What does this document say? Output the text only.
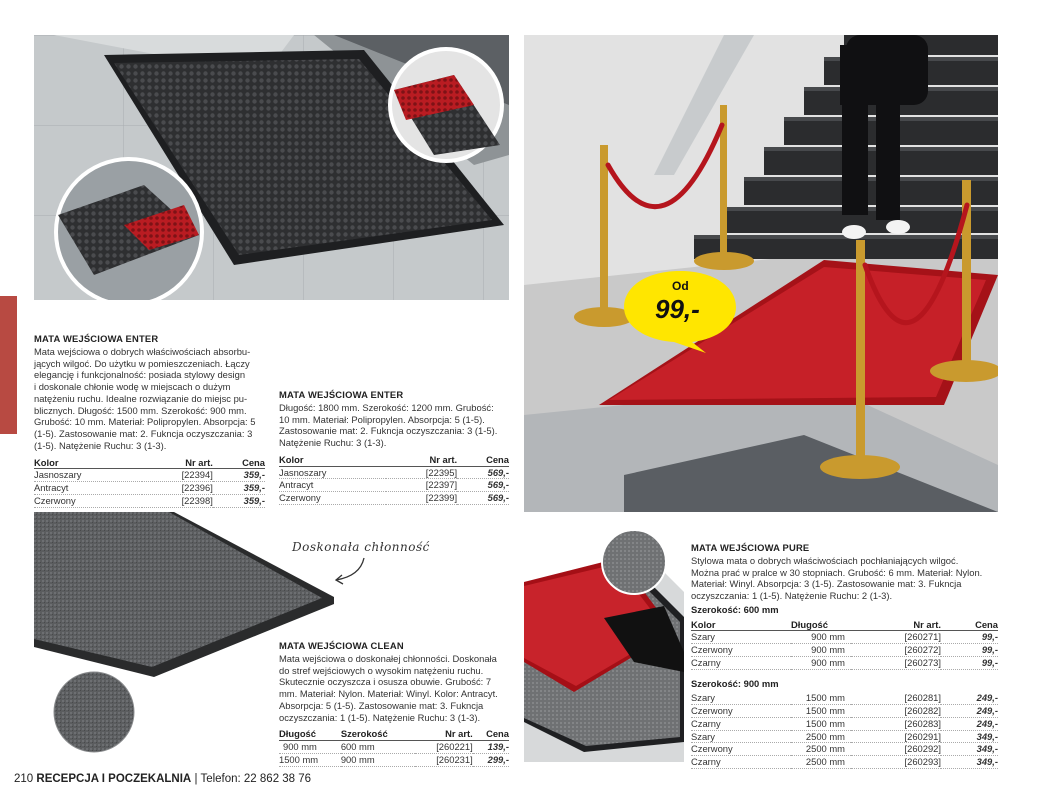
Od
99,-
MATA WEJŚCIOWA ENTER
Mata wejściowa o dobrych właściwościach absorbu-
jących wilgoć. Do użytku w pomieszczeniach. Łączy
elegancję i funkcjonalność: posiada stylowy design
i doskonale chłonie wodę w miejscach o dużym
natężeniu ruchu. Idealne rozwiązanie do miejsc pu-
blicznych. Długość: 1500 mm. Szerokość: 900 mm.
Grubość: 10 mm. Materiał: Polipropylen. Absorpcja: 5
(1-5). Zastosowanie mat: 2. Fukncja oczyszczania: 3
(1-5). Natężenie Ruchu: 3 (1-3).
Kolor	Nr art.	Cena
Jasnoszary	[22394]	359,-
Antracyt	[22396]	359,-
Czerwony	[22398]	359,-
MATA WEJŚCIOWA ENTER
Długość: 1800 mm. Szerokość: 1200 mm. Grubość:
10 mm. Materiał: Polipropylen. Absorpcja: 5 (1-5).
Zastosowanie mat: 2. Fukncja oczyszczania: 3 (1-5).
Natężenie Ruchu: 3 (1-3).
Kolor	Nr art.	Cena
Jasnoszary	[22395]	569,-
Antracyt	[22397]	569,-
Czerwony	[22399]	569,-
Doskonała chłonność
MATA WEJŚCIOWA CLEAN
Mata wejściowa o doskonałej chłonności. Doskonała
do stref wejściowych o wysokim natężeniu ruchu.
Skutecznie oczyszcza i osusza obuwie. Grubość: 7
mm. Materiał: Nylon. Materiał: Winyl. Kolor: Antracyt.
Absorpcja: 5 (1-5). Zastosowanie mat: 3. Fukncja
oczyszczania: 1 (1-5). Natężenie Ruchu: 3 (1-3).
Długość	Szerokość	Nr art.	Cena
900 mm	600 mm	[260221]	139,-
1500 mm	900 mm	[260231]	299,-
MATA WEJŚCIOWA PURE
Stylowa mata o dobrych właściwościach pochłaniających wilgoć.
Można prać w pralce w 30 stopniach. Grubość: 6 mm. Materiał: Nylon.
Materiał: Winyl. Absorpcja: 3 (1-5). Zastosowanie mat: 3. Fukncja
oczyszczania: 1 (1-5). Natężenie Ruchu: 2 (1-3).
Szerokość: 600 mm
Kolor	Długość	Nr art.	Cena
Szary	900 mm	[260271]	99,-
Czerwony	900 mm	[260272]	99,-
Czarny	900 mm	[260273]	99,-
Szerokość: 900 mm
Szary	1500 mm	[260281]	249,-
Czerwony	1500 mm	[260282]	249,-
Czarny	1500 mm	[260283]	249,-
Szary	2500 mm	[260291]	349,-
Czerwony	2500 mm	[260292]	349,-
Czarny	2500 mm	[260293]	349,-
210 RECEPCJA I POCZEKALNIA | Telefon: 22 862 38 76
